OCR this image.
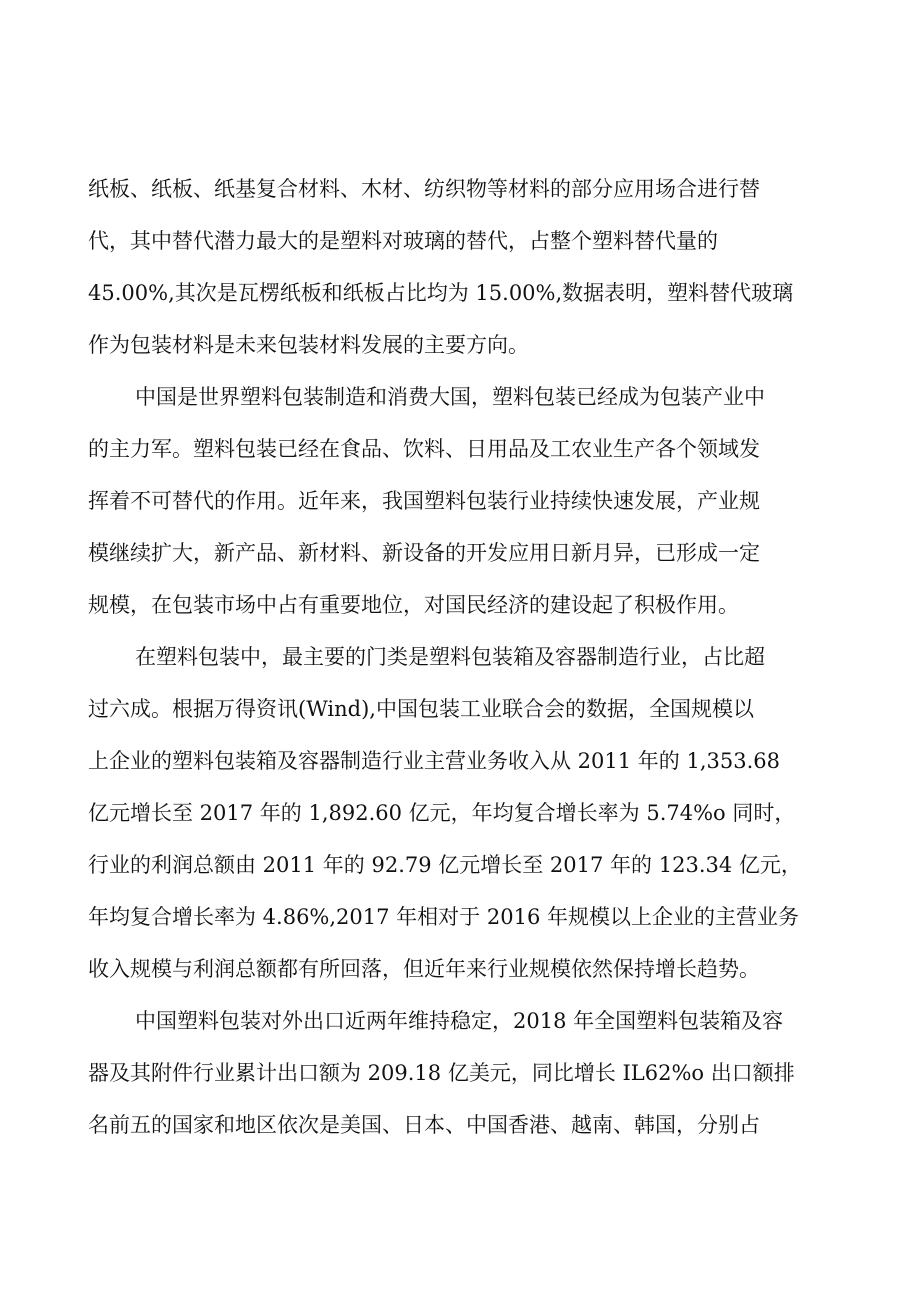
纸板、纸板、纸基复合材料、木材、纺织物等材料的部分应用场合进行替
代，其中替代潜力最大的是塑料对玻璃的替代，占整个塑料替代量的
45.00%,其次是瓦楞纸板和纸板占比均为 15.00%,数据表明，塑料替代玻璃
作为包装材料是未来包装材料发展的主要方向。
中国是世界塑料包装制造和消费大国，塑料包装已经成为包装产业中
的主力军。塑料包装已经在食品、饮料、日用品及工农业生产各个领域发
挥着不可替代的作用。近年来，我国塑料包装行业持续快速发展，产业规
模继续扩大，新产品、新材料、新设备的开发应用日新月异，已形成一定
规模，在包装市场中占有重要地位，对国民经济的建设起了积极作用。
在塑料包装中，最主要的门类是塑料包装箱及容器制造行业，占比超
过六成。根据万得资讯(Wind),中国包装工业联合会的数据，全国规模以
上企业的塑料包装箱及容器制造行业主营业务收入从 2011 年的 1,353.68
亿元增长至 2017 年的 1,892.60 亿元，年均复合增长率为 5.74%o 同时，
行业的利润总额由 2011 年的 92.79 亿元增长至 2017 年的 123.34 亿元，
年均复合增长率为 4.86%,2017 年相对于 2016 年规模以上企业的主营业务
收入规模与利润总额都有所回落，但近年来行业规模依然保持增长趋势。
中国塑料包装对外出口近两年维持稳定，2018 年全国塑料包装箱及容
器及其附件行业累计出口额为 209.18 亿美元，同比增长 IL62%o 出口额排
名前五的国家和地区依次是美国、日本、中国香港、越南、韩国，分别占
